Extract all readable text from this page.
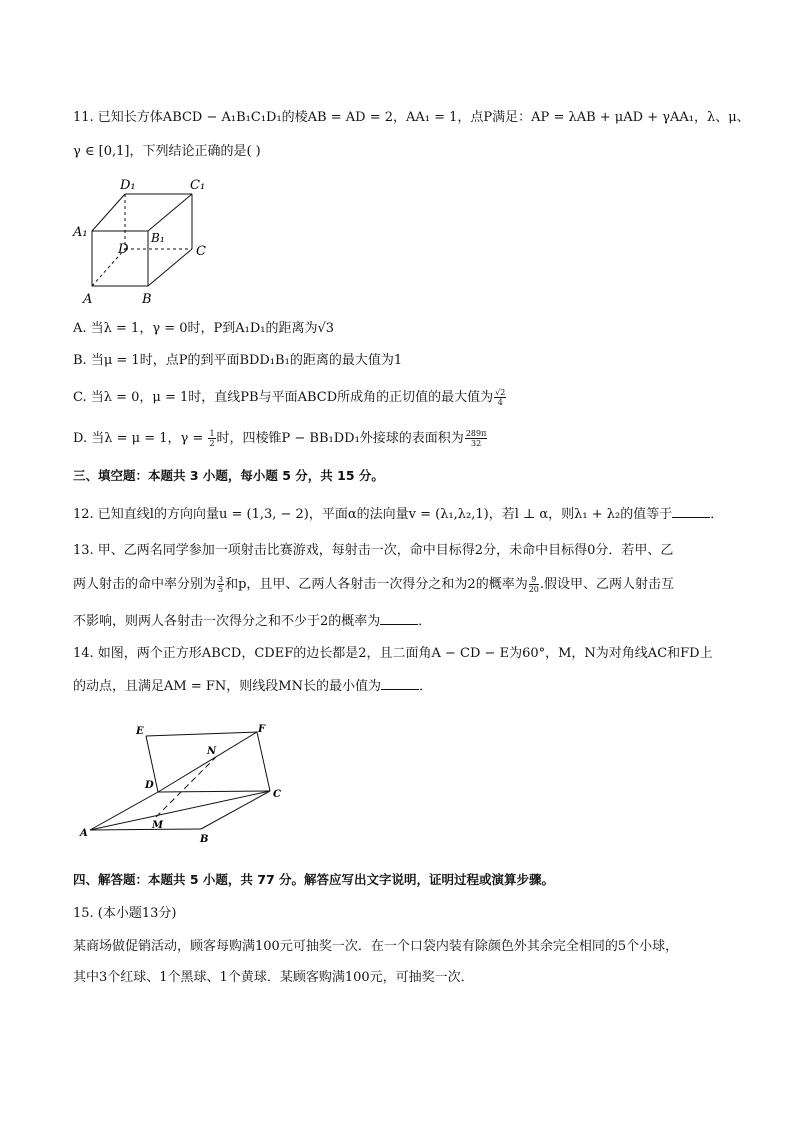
11. 已知长方体ABCD − A₁B₁C₁D₁的棱AB = AD = 2，AA₁ = 1，点P满足：AP = λAB + μAD + γAA₁，λ、μ、
γ ∈ [0,1]，下列结论正确的是( )
D₁	C₁
A₁	B₁
D	C
A	B
A. 当λ = 1，γ = 0时，P到A₁D₁的距离为√3
B. 当μ = 1时，点P的到平面BDD₁B₁的距离的最大值为1
C. 当λ = 0，μ = 1时，直线PB与平面ABCD所成角的正切值的最大值为 $\frac{√2}{4}$
D. 当λ = μ = 1，$\gamma = \frac{1}{2}$ 时，四棱锥P − BB₁DD₁外接球的表面积为 $\frac{289\pi}{32}$
三、填空题：本题共 3 小题，每小题 5 分，共 15 分。
12. 已知直线l的方向向量u = (1,3, − 2)，平面α的法向量v = (λ₁,λ₂,1)，若l ⊥ α，则λ₁ + λ₂的值等于	．
13. 甲、乙两名同学参加一项射击比赛游戏，每射击一次，命中目标得2分，未命中目标得0分．若甲、乙
两人射击的命中率分别为 $\frac{3}{5}$ 和p，且甲、乙两人各射击一次得分之和为2的概率为 $\frac{9}{20}$ .假设甲、乙两人射击互
不影响，则两人各射击一次得分之和不少于2的概率为	．
14. 如图，两个正方形ABCD，CDEF的边长都是2，且二面角A − CD − E为60°，M，N为对角线AC和FD上
的动点，且满足AM = FN，则线段MN长的最小值为	．
E	F
N
D
C
M
A
B
四、解答题：本题共 5 小题，共 77 分。解答应写出文字说明，证明过程或演算步骤。
15. (本小题13分)
某商场做促销活动，顾客每购满100元可抽奖一次．在一个口袋内装有除颜色外其余完全相同的5个小球，
其中3个红球、1个黑球、1个黄球．某顾客购满100元，可抽奖一次．
